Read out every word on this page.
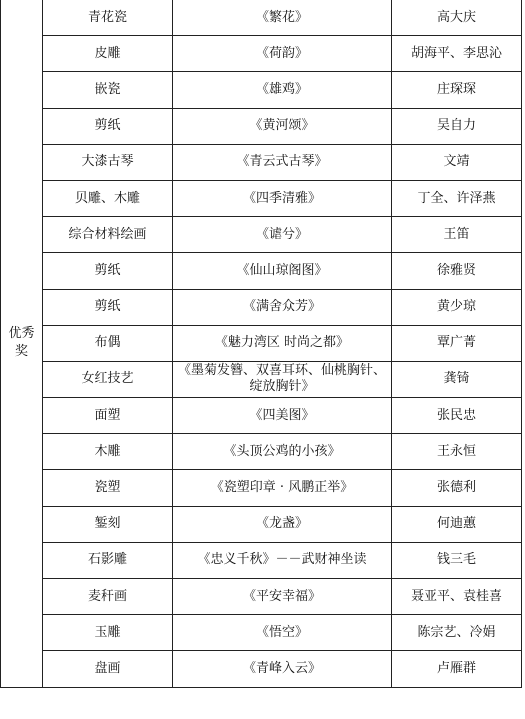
优秀奖	青花瓷	《繁花》	高大庆
	皮雕	《荷韵》	胡海平、李思沁
	嵌瓷	《雄鸡》	庄琛琛
	剪纸	《黄河颂》	吴自力
	大漆古琴	《青云式古琴》	文靖
	贝雕、木雕	《四季清雅》	丁全、许泽燕
	综合材料绘画	《谑兮》	王笛
	剪纸	《仙山琼阁图》	徐雅贤
	剪纸	《满舍众芳》	黄少琼
	布偶	《魅力湾区 时尚之都》	覃广菁
	女红技艺	《墨菊发簪、双喜耳环、仙桃胸针、绽放胸针》	龚锜
	面塑	《四美图》	张民忠
	木雕	《头顶公鸡的小孩》	王永恒
	瓷塑	《瓷塑印章 · 风鹏正举》	张德利
	錾刻	《龙盏》	何迪蕙
	石影雕	《忠义千秋》－－武财神坐读	钱三毛
	麦秆画	《平安幸福》	聂亚平、袁桂喜
	玉雕	《悟空》	陈宗艺、冷娟
	盘画	《青峰入云》	卢雁群
